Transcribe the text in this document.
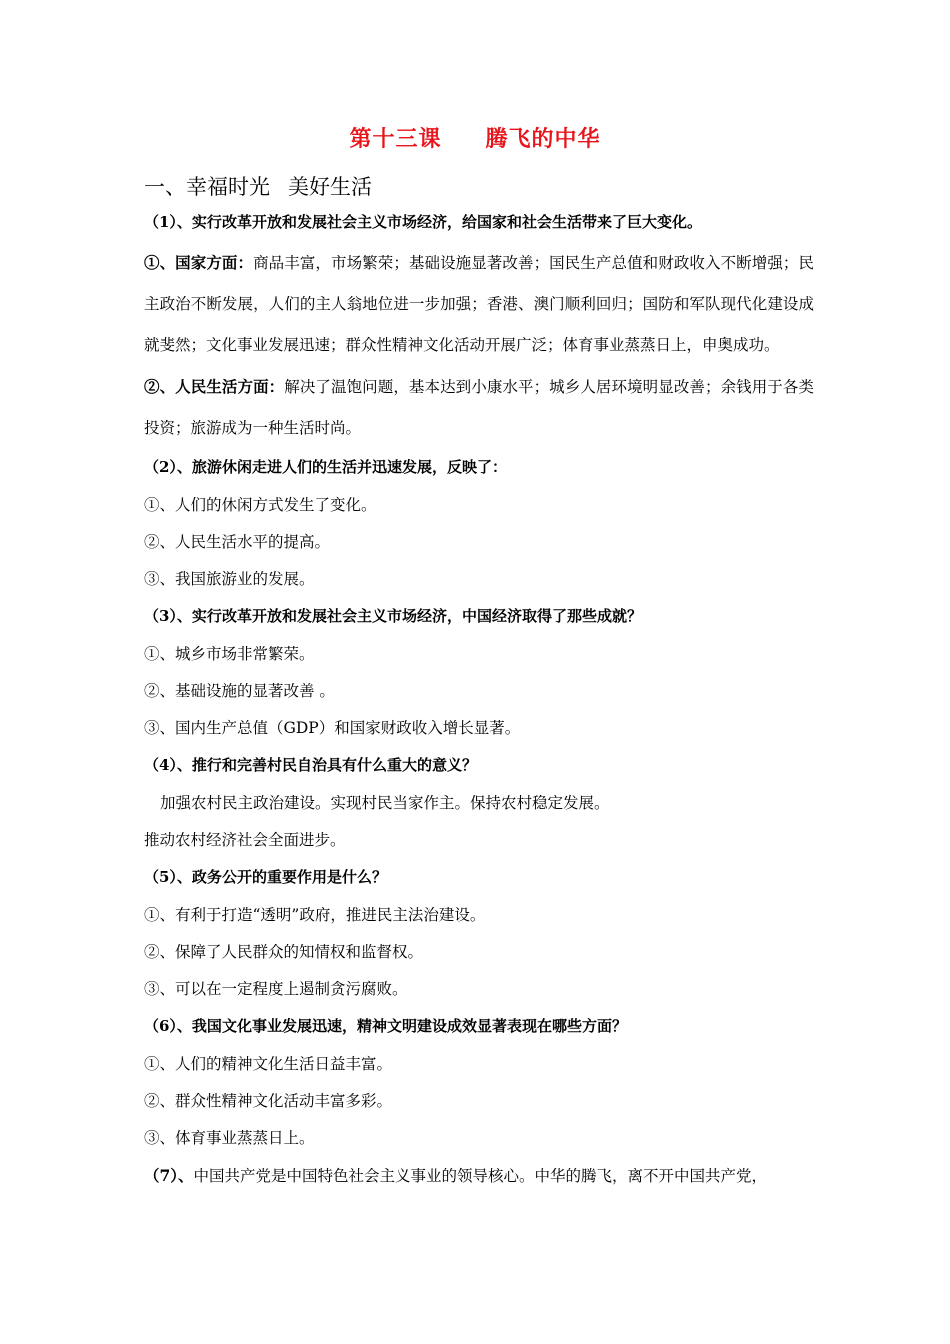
第十三课 腾飞的中华
一、幸福时光 美好生活
（1）、实行改革开放和发展社会主义市场经济，给国家和社会生活带来了巨大变化。
①、国家方面：商品丰富，市场繁荣；基础设施显著改善；国民生产总值和财政收入不断增强；民主政治不断发展，人们的主人翁地位进一步加强；香港、澳门顺利回归；国防和军队现代化建设成就斐然；文化事业发展迅速；群众性精神文化活动开展广泛；体育事业蒸蒸日上，申奥成功。
②、人民生活方面：解决了温饱问题，基本达到小康水平；城乡人居环境明显改善；余钱用于各类投资；旅游成为一种生活时尚。
（2）、旅游休闲走进人们的生活并迅速发展，反映了：
①、人们的休闲方式发生了变化。
②、人民生活水平的提高。
③、我国旅游业的发展。
（3）、实行改革开放和发展社会主义市场经济，中国经济取得了那些成就？
①、城乡市场非常繁荣。
②、基础设施的显著改善 。
③、国内生产总值（GDP）和国家财政收入增长显著。
（4）、推行和完善村民自治具有什么重大的意义？
加强农村民主政治建设。实现村民当家作主。保持农村稳定发展。
推动农村经济社会全面进步。
（5）、政务公开的重要作用是什么？
①、有利于打造“透明”政府，推进民主法治建设。
②、保障了人民群众的知情权和监督权。
③、可以在一定程度上遏制贪污腐败。
（6）、我国文化事业发展迅速，精神文明建设成效显著表现在哪些方面？
①、人们的精神文化生活日益丰富。
②、群众性精神文化活动丰富多彩。
③、体育事业蒸蒸日上。
（7）、中国共产党是中国特色社会主义事业的领导核心。中华的腾飞，离不开中国共产党，
